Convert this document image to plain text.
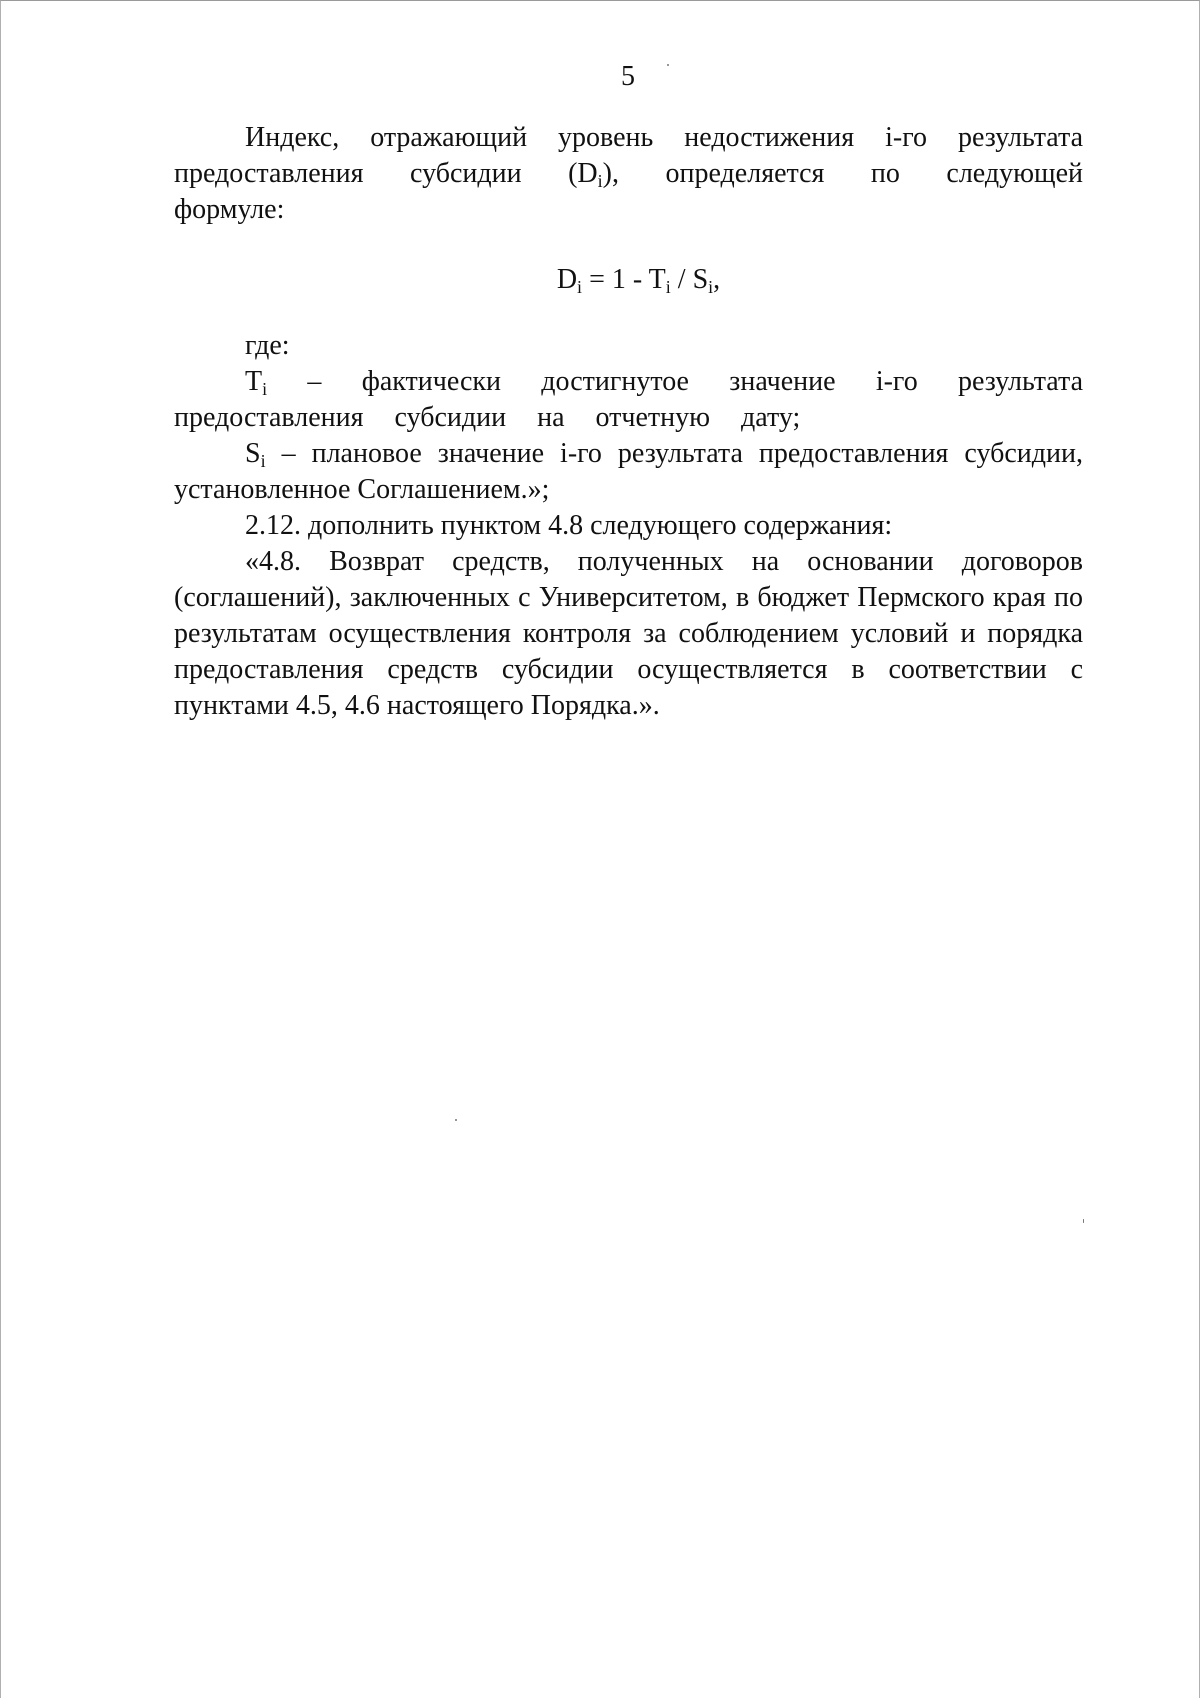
5

Индекс, отражающий уровень недостижения i-го результата предоставления субсидии $(D_i)$, определяется по следующей формуле:

$D_i = 1 - T_i / S_i$,

где:

$T_i$ – фактически достигнутое значение i-го результата предоставления субсидии на отчетную дату;

$S_i$ – плановое значение i-го результата предоставления субсидии, установленное Соглашением.»;

2.12. дополнить пунктом 4.8 следующего содержания:

«4.8. Возврат средств, полученных на основании договоров (соглашений), заключенных с Университетом, в бюджет Пермского края по результатам осуществления контроля за соблюдением условий и порядка предоставления средств субсидии осуществляется в соответствии с пунктами 4.5, 4.6 настоящего Порядка.».
